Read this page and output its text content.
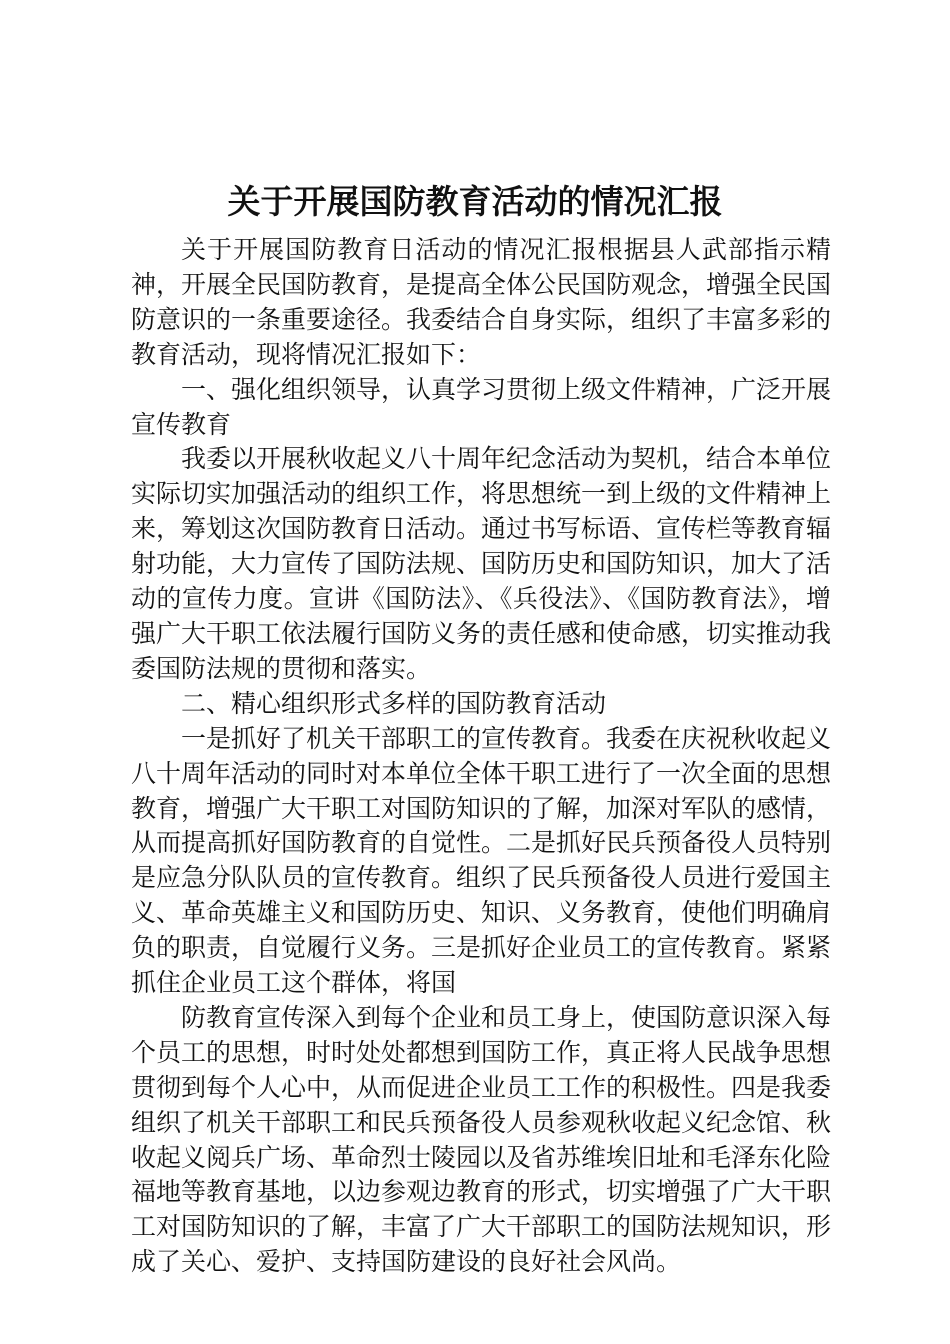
关于开展国防教育活动的情况汇报

关于开展国防教育日活动的情况汇报根据县人武部指示精神，开展全民国防教育，是提高全体公民国防观念，增强全民国防意识的一条重要途径。我委结合自身实际，组织了丰富多彩的教育活动，现将情况汇报如下：

一、强化组织领导，认真学习贯彻上级文件精神，广泛开展宣传教育

我委以开展秋收起义八十周年纪念活动为契机，结合本单位实际切实加强活动的组织工作，将思想统一到上级的文件精神上来，筹划这次国防教育日活动。通过书写标语、宣传栏等教育辐射功能，大力宣传了国防法规、国防历史和国防知识，加大了活动的宣传力度。宣讲《国防法》、《兵役法》、《国防教育法》，增强广大干职工依法履行国防义务的责任感和使命感，切实推动我委国防法规的贯彻和落实。

二、精心组织形式多样的国防教育活动

一是抓好了机关干部职工的宣传教育。我委在庆祝秋收起义八十周年活动的同时对本单位全体干职工进行了一次全面的思想教育，增强广大干职工对国防知识的了解，加深对军队的感情，从而提高抓好国防教育的自觉性。二是抓好民兵预备役人员特别是应急分队队员的宣传教育。组织了民兵预备役人员进行爱国主义、革命英雄主义和国防历史、知识、义务教育，使他们明确肩负的职责，自觉履行义务。三是抓好企业员工的宣传教育。紧紧抓住企业员工这个群体，将国

防教育宣传深入到每个企业和员工身上，使国防意识深入每个员工的思想，时时处处都想到国防工作，真正将人民战争思想贯彻到每个人心中，从而促进企业员工工作的积极性。四是我委组织了机关干部职工和民兵预备役人员参观秋收起义纪念馆、秋收起义阅兵广场、革命烈士陵园以及省苏维埃旧址和毛泽东化险福地等教育基地，以边参观边教育的形式，切实增强了广大干职工对国防知识的了解，丰富了广大干部职工的国防法规知识，形成了关心、爱护、支持国防建设的良好社会风尚。
